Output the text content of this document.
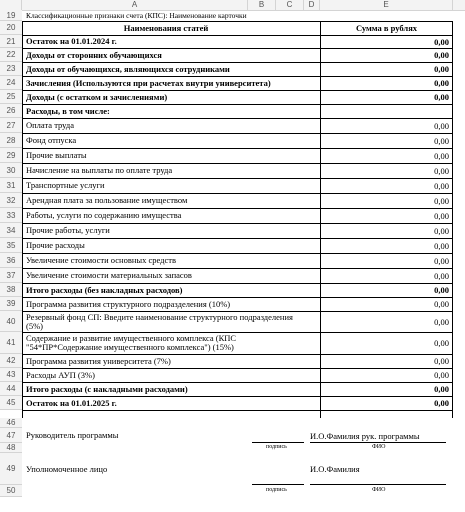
A	B	C	D	E
19	Классификационные признаки счета (КПС): Наименование карточки
20	Наименования статей	Сумма в рублях
21	Остаток на 01.01.2024 г.	0,00
22	Доходы от сторонних обучающихся	0,00
23	Доходы от обучающихся, являющихся сотрудниками	0,00
24	Зачисления (Используются при расчетах внутри университета)	0,00
25	Доходы (с остатком и зачислениями)	0,00
26	Расходы, в том числе:
27	Оплата труда	0,00
28	Фонд отпуска	0,00
29	Прочие выплаты	0,00
30	Начисление на выплаты по оплате труда	0,00
31	Транспортные услуги	0,00
32	Арендная плата за пользование имуществом	0,00
33	Работы, услуги по содержанию имущества	0,00
34	Прочие работы, услуги	0,00
35	Прочие расходы	0,00
36	Увеличение стоимости основных средств	0,00
37	Увеличение стоимости материальных запасов	0,00
38	Итого расходы (без накладных расходов)	0,00
39	Программа развития структурного подразделения (10%)	0,00
40	Резервный фонд СП: Введите наименование структурного подразделения (5%)	0,00
41	Содержание и развитие имущественного комплекса (КПС "54*ПР*Содержание имущественного комплекса") (15%)	0,00
42	Программа развития университета (7%)	0,00
43	Расходы АУП (3%)	0,00
44	Итого расходы (с накладными расходами)	0,00
45	Остаток на 01.01.2025 г.	0,00
46
47	Руководитель программы	И.О.Фамилия рук. программы
48	подпись	ФИО
49	Уполномоченное лицо	И.О.Фамилия
50	подпись	ФИО
